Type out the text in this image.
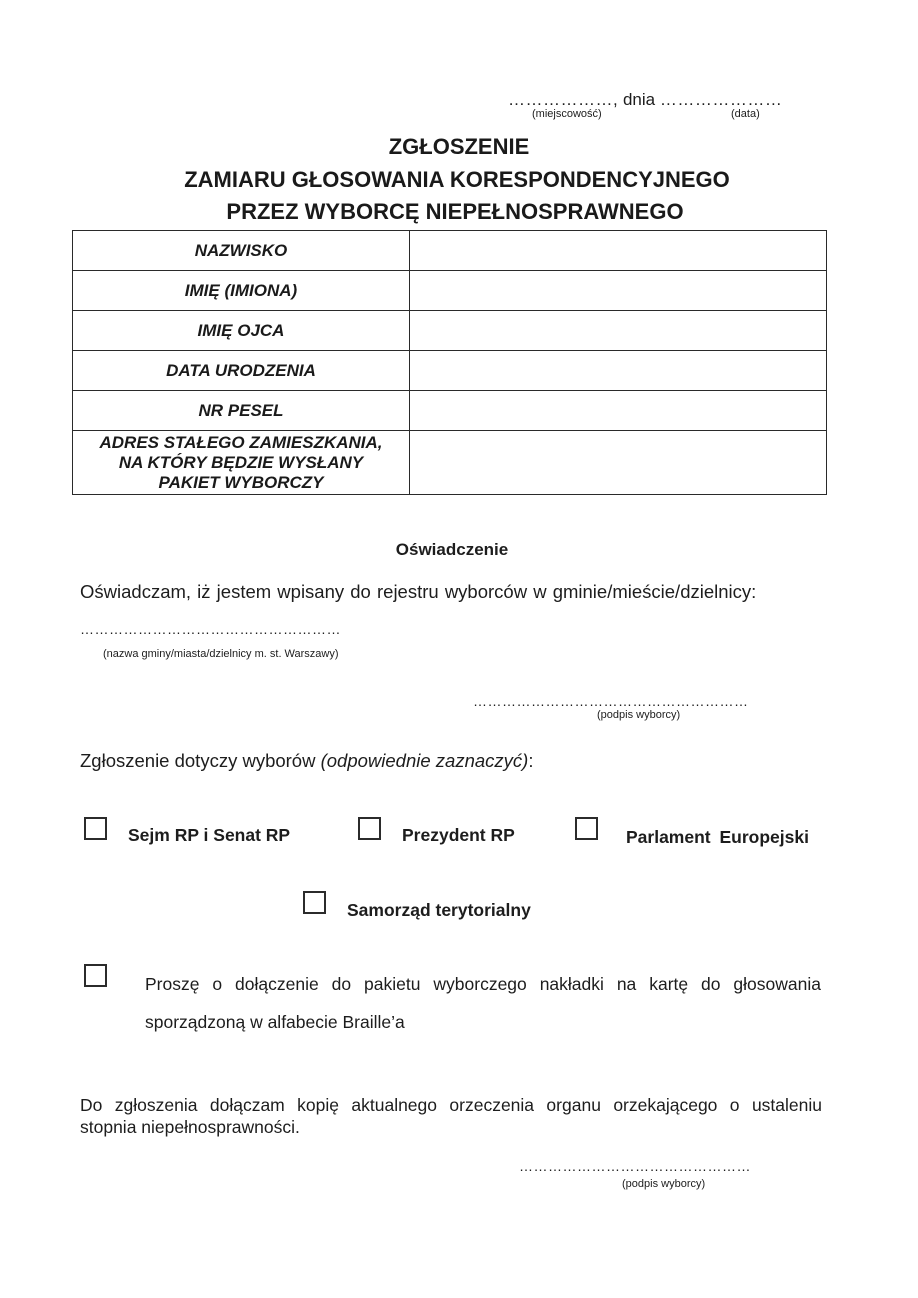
………………, dnia …………………
(miejscowość)	(data)
ZGŁOSZENIE
ZAMIARU GŁOSOWANIA KORESPONDENCYJNEGO
PRZEZ WYBORCĘ NIEPEŁNOSPRAWNEGO
NAZWISKO	
IMIĘ (IMIONA)	
IMIĘ OJCA	
DATA URODZENIA	
NR PESEL	

ADRES STAŁEGO ZAMIESZKANIA,
NA KTÓRY BĘDZIE WYSŁANY
PAKIET WYBORCZY	

Oświadczenie
Oświadczam, iż jestem wpisany do rejestru wyborców w gminie/mieście/dzielnicy:
………………………………………………
(nazwa gminy/miasta/dzielnicy m. st. Warszawy)
…………………………………………………
(podpis wyborcy)
Zgłoszenie dotyczy wyborów (odpowiednie zaznaczyć):
Sejm RP i Senat RP	Prezydent RP	Parlament Europejski
Samorząd terytorialny
Proszę o dołączenie do pakietu wyborczego nakładki na kartę do głosowania
sporządzoną w alfabecie Braille’a
Do zgłoszenia dołączam kopię aktualnego orzeczenia organu orzekającego o ustaleniu
stopnia niepełnosprawności.
…………………………………………
(podpis wyborcy)
